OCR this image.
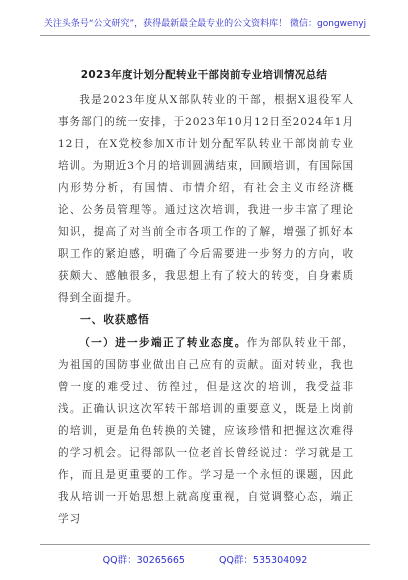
关注头条号“公文研究”，获得最新最全最专业的公文资料库！ 微信：gongwenyj
2023年度计划分配转业干部岗前专业培训情况总结
我是2023年度从X部队转业的干部，根据X退役军人事务部门的统一安排，于2023年10月12日至2024年1月12日，在X党校参加X市计划分配军队转业干部岗前专业培训。为期近3个月的培训圆满结束，回顾培训，有国际国内形势分析，有国情、市情介绍，有社会主义市经济概论、公务员管理等。通过这次培训，我进一步丰富了理论知识，提高了对当前全市各项工作的了解，增强了抓好本职工作的紧迫感，明确了今后需要进一步努力的方向，收获颇大、感触很多，我思想上有了较大的转变，自身素质得到全面提升。
一、收获感悟
（一）进一步端正了转业态度。作为部队转业干部，为祖国的国防事业做出自己应有的贡献。面对转业，我也曾一度的难受过、彷徨过，但是这次的培训，我受益非浅。正确认识这次军转干部培训的重要意义，既是上岗前的培训，更是角色转换的关键，应该珍惜和把握这次难得的学习机会。记得部队一位老首长曾经说过：学习就是工作，而且是更重要的工作。学习是一个永恒的课题，因此我从培训一开始思想上就高度重视，自觉调整心态，端正学习
QQ群：30265665	QQ群：535304092
